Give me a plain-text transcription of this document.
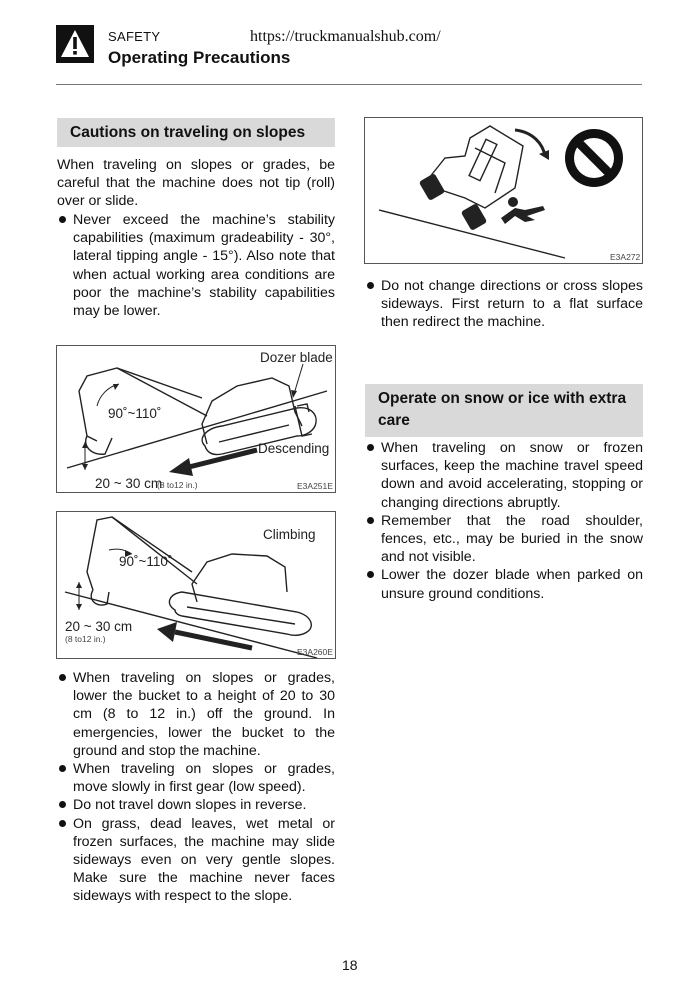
SAFETY
Operating Precautions
https://truckmanualshub.com/
Cautions on traveling on slopes
When traveling on slopes or grades, be careful that the machine does not tip (roll) over or slide.
Never exceed the machine’s stability capabilities (maximum gradeability - 30°, lateral tipping angle - 15°). Also note that when actual working area conditions are poor the machine’s stability capabilities may be lower.
Dozer blade
90˚~110˚
Descending
20 ~ 30 cm
(8 to12 in.)	E3A251E
Climbing
90˚~110˚
20 ~ 30 cm
(8 to12 in.)
E3A260E
When traveling on slopes or grades, lower the bucket to a height of 20 to 30 cm (8 to 12 in.) off the ground. In emergencies, lower the bucket to the ground and stop the machine.
When traveling on slopes or grades, move slowly in first gear (low speed).
Do not travel down slopes in reverse.
On grass, dead leaves, wet metal or frozen surfaces, the machine may slide sideways even on very gentle slopes. Make sure the machine never faces sideways with respect to the slope.
E3A272
Do not change directions or cross slopes sideways. First return to a flat surface then redirect the machine.
Operate on snow or ice with extra care
When traveling on snow or frozen surfaces, keep the machine travel speed down and avoid accelerating, stopping or changing directions abruptly.
Remember that the road shoulder, fences, etc., may be buried in the snow and not visible.
Lower the dozer blade when parked on unsure ground conditions.
18
